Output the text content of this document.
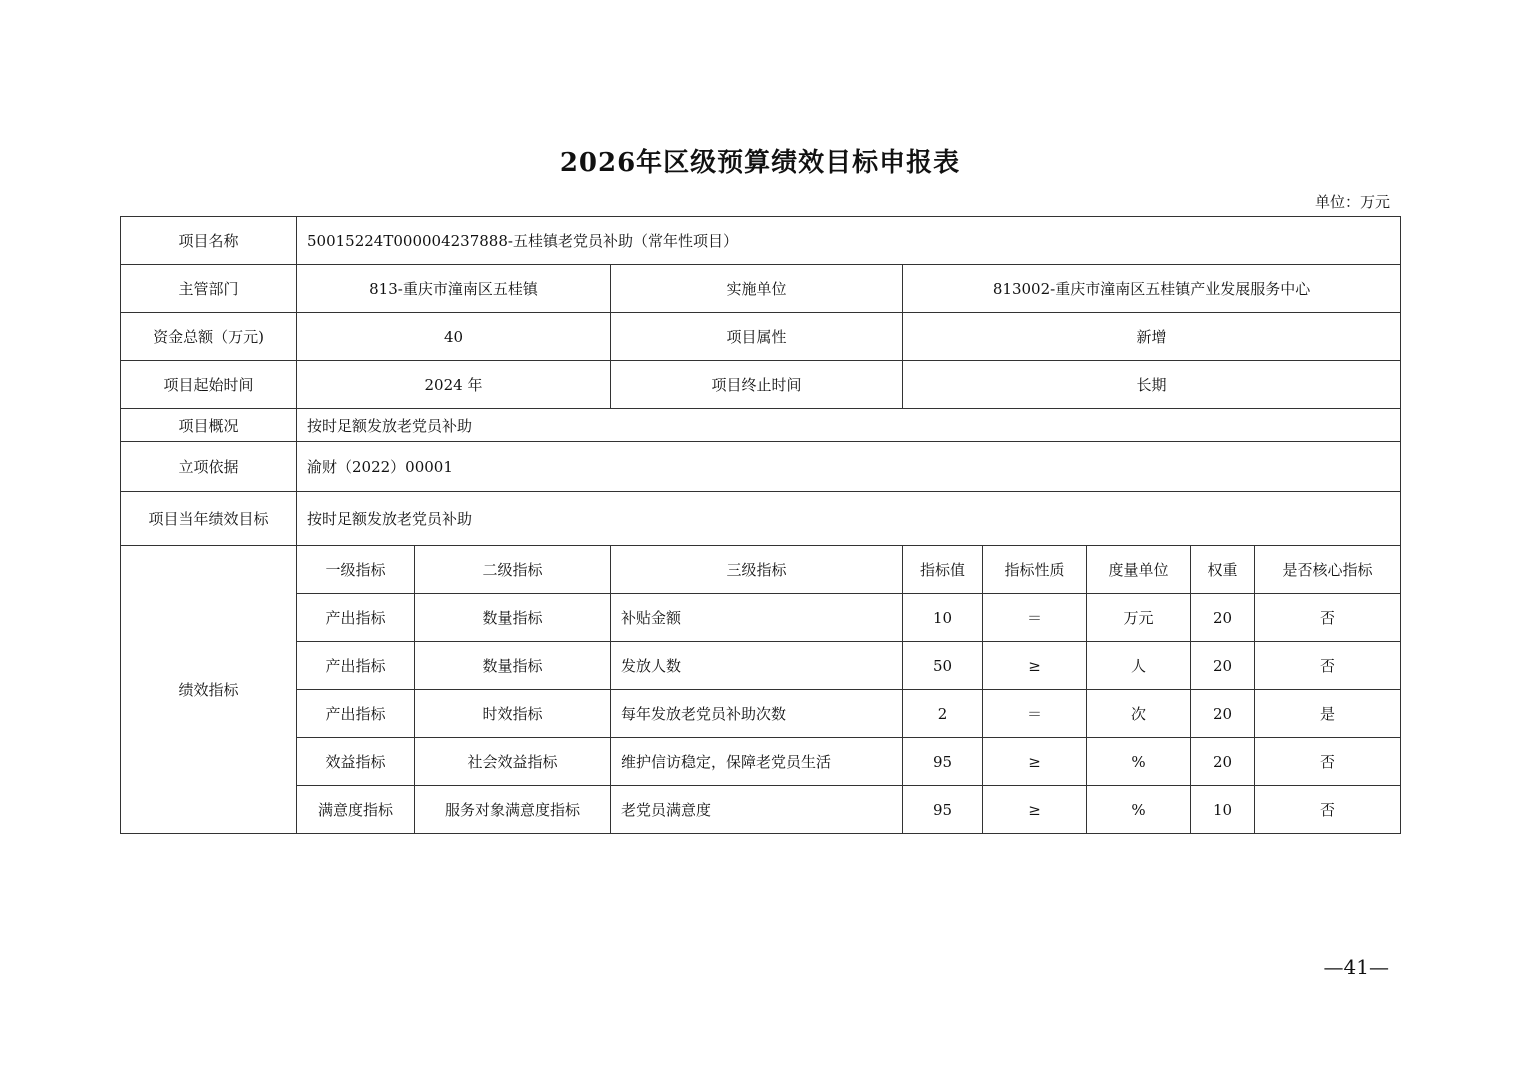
2026年区级预算绩效目标申报表
单位：万元
项目名称	50015224T000004237888-五桂镇老党员补助（常年性项目）							
主管部门	813-重庆市潼南区五桂镇		实施单位	813002-重庆市潼南区五桂镇产业发展服务中心				
资金总额（万元)	40		项目属性	新增				
项目起始时间	2024 年		项目终止时间	长期				
项目概况	按时足额发放老党员补助							
立项依据	渝财（2022）00001							
项目当年绩效目标	按时足额发放老党员补助							
绩效指标	一级指标	二级指标	三级指标	指标值	指标性质	度量单位	权重	是否核心指标
	产出指标	数量指标	补贴金额	10	＝	万元	20	否
	产出指标	数量指标	发放人数	50	≥	人	20	否
	产出指标	时效指标	每年发放老党员补助次数	2	＝	次	20	是
	效益指标	社会效益指标	维护信访稳定，保障老党员生活	95	≥	%	20	否
	满意度指标	服务对象满意度指标	老党员满意度	95	≥	%	10	否
—41—
